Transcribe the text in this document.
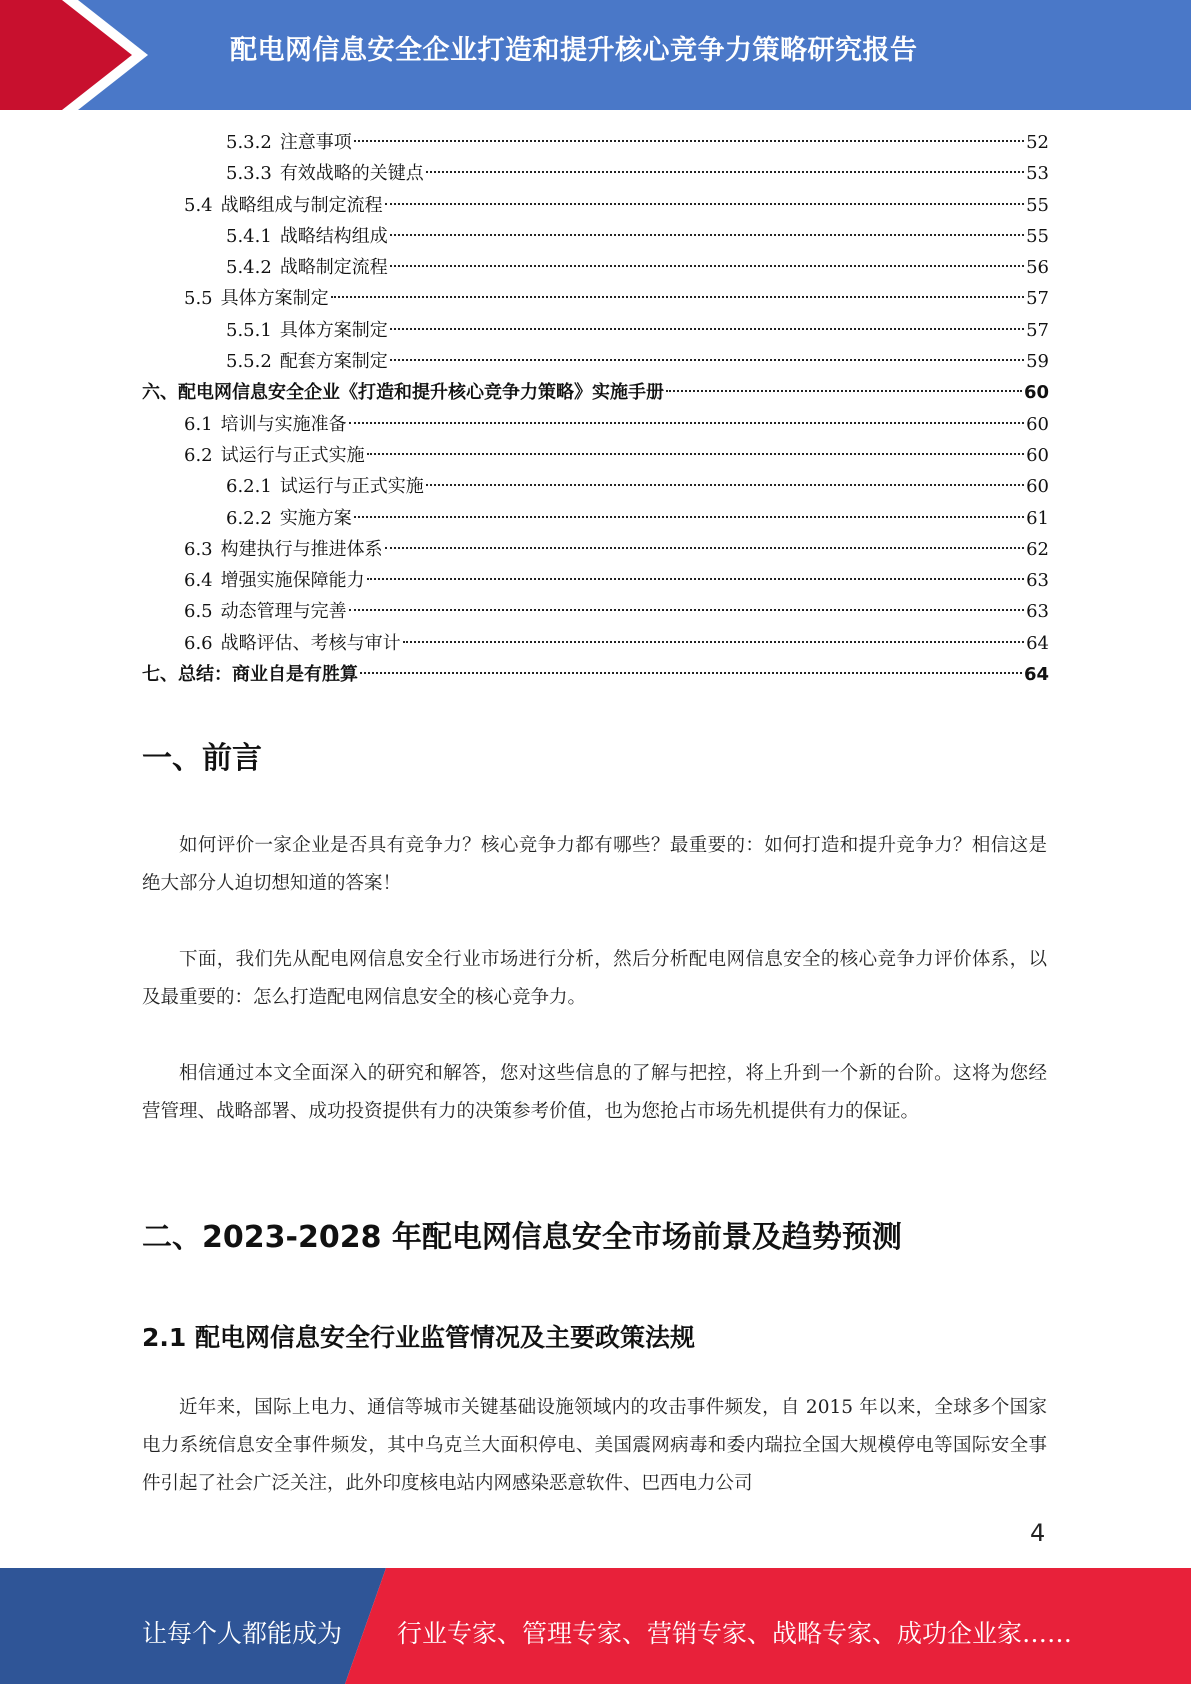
配电网信息安全企业打造和提升核心竞争力策略研究报告
5.3.2 注意事项	52
5.3.3 有效战略的关键点	53
5.4 战略组成与制定流程	55
5.4.1 战略结构组成	55
5.4.2 战略制定流程	56
5.5 具体方案制定	57
5.5.1 具体方案制定	57
5.5.2 配套方案制定	59
六、 配电网信息安全企业《打造和提升核心竞争力策略》实施手册	60
6.1 培训与实施准备	60
6.2 试运行与正式实施	60
6.2.1 试运行与正式实施	60
6.2.2 实施方案	61
6.3 构建执行与推进体系	62
6.4 增强实施保障能力	63
6.5 动态管理与完善	63
6.6 战略评估、考核与审计	64
七、 总结：商业自是有胜算	64
一、前言
如何评价一家企业是否具有竞争力？核心竞争力都有哪些？最重要的：如何打造和提升竞争力？相信这是绝大部分人迫切想知道的答案！
下面，我们先从配电网信息安全行业市场进行分析，然后分析配电网信息安全的核心竞争力评价体系，以及最重要的：怎么打造配电网信息安全的核心竞争力。
相信通过本文全面深入的研究和解答，您对这些信息的了解与把控，将上升到一个新的台阶。这将为您经营管理、战略部署、成功投资提供有力的决策参考价值，也为您抢占市场先机提供有力的保证。
二、2023-2028 年配电网信息安全市场前景及趋势预测
2.1 配电网信息安全行业监管情况及主要政策法规
近年来，国际上电力、通信等城市关键基础设施领域内的攻击事件频发，自 2015 年以来，全球多个国家电力系统信息安全事件频发，其中乌克兰大面积停电、美国震网病毒和委内瑞拉全国大规模停电等国际安全事件引起了社会广泛关注，此外印度核电站内网感染恶意软件、巴西电力公司
4
让每个人都能成为 行业专家、管理专家、营销专家、战略专家、成功企业家……
